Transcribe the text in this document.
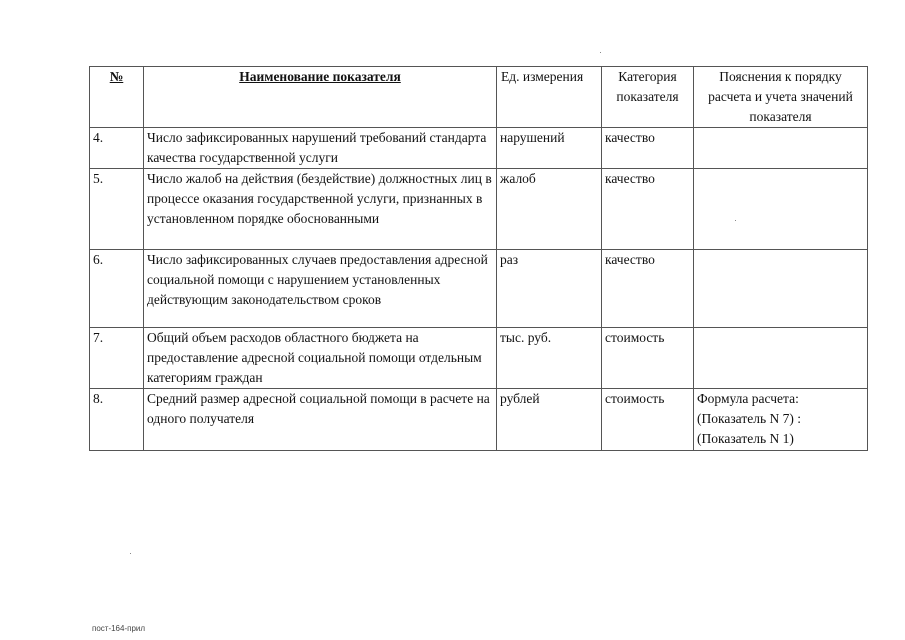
№	Наименование показателя	Ед. измерения	Категория показателя	Пояснения к порядку расчета и учета значений показателя
4.	Число зафиксированных нарушений требований стандарта качества государственной услуги	нарушений	качество	
5.	Число жалоб на действия (бездействие) должностных лиц в процессе оказания государственной услуги, признанных в установленном порядке обоснованными	жалоб	качество	
6.	Число зафиксированных случаев предоставления адресной социальной помощи с нарушением установленных действующим законодательством сроков	раз	качество	
7.	Общий объем расходов областного бюджета на предоставление адресной социальной помощи отдельным категориям граждан	тыс. руб.	стоимость	
8.	Средний размер адресной социальной помощи в расчете на одного получателя	рублей	стоимость	Формула расчета: (Показатель N 7) : (Показатель N 1)
пост-164-прил
